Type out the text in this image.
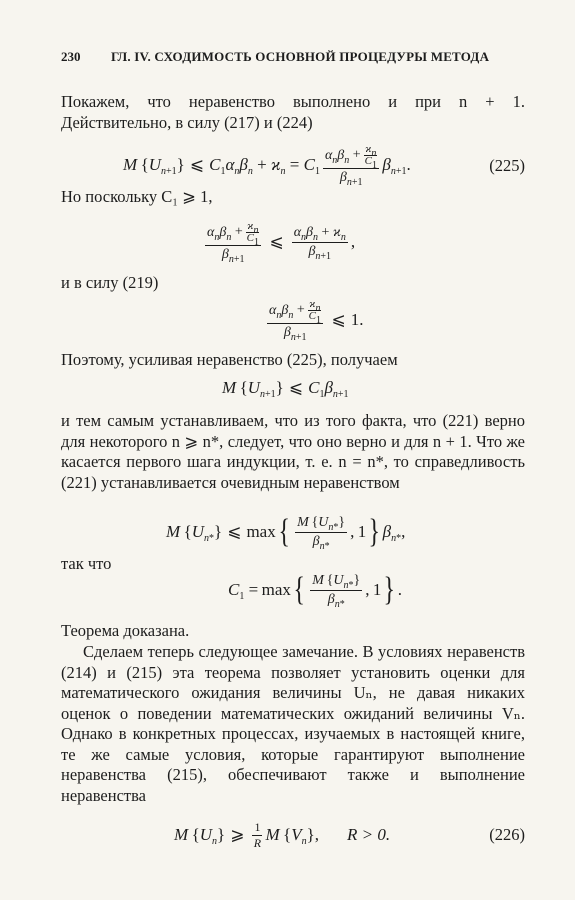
230 ГЛ. IV. СХОДИМОСТЬ ОСНОВНОЙ ПРОЦЕДУРЫ МЕТОДА
Покажем, что неравенство выполнено и при n + 1. Действительно, в силу (217) и (224)
M $\{U_{n+1}\}$ ⩽ $C_1\alpha_n\beta_n + ϰ_n = C_1 \frac{\alpha_n\beta_n + \frac{ϰ_n}{C_1}}{\beta_{n+1}} \beta_{n+1}$.	(225)
Но поскольку C₁ ⩾ 1,
$\frac{\alpha_n\beta_n + \frac{ϰ_n}{C_1}}{\beta_{n+1}}$ ⩽ $\frac{\alpha_n\beta_n + ϰ_n}{\beta_{n+1}}$ ,
и в силу (219)
$\frac{\alpha_n\beta_n + \frac{ϰ_n}{C_1}}{\beta_{n+1}}$ ⩽ 1.
Поэтому, усиливая неравенство (225), получаем
M $\{U_{n+1}\}$ ⩽ $C_1\beta_{n+1}$
и тем самым устанавливаем, что из того факта, что (221) верно для некоторого n ⩾ n*, следует, что оно верно и для n + 1. Что же касается первого шага индукции, т. е. n = n*, то справедливость (221) устанавливается очевидным неравенством
M $\{U_{n*}\}$ ⩽ max { $\frac{M \{U_{n*}\}}{\beta_{n*}}$ ,  1 } $\beta_{n*}$,
так что
$C_1$ =
  max { $\frac{M \{U_{n*}\}}{\beta_{n*}}$ ,  1 } .
Теорема доказана.
Сделаем теперь следующее замечание. В условиях неравенств (214) и (215) эта теорема позволяет установить оценки для математического ожидания величины Uₙ, не давая никаких оценок о поведении математических ожиданий величины Vₙ. Однако в конкретных процессах, изучаемых в настоящей книге, те же самые условия, которые гарантируют выполнение неравенства (215), обеспечивают также и выполнение неравенства
M $\{U_n\}$ ⩾ $\frac{1}{R}$ M $\{V_n\}$, R > 0.	(226)
